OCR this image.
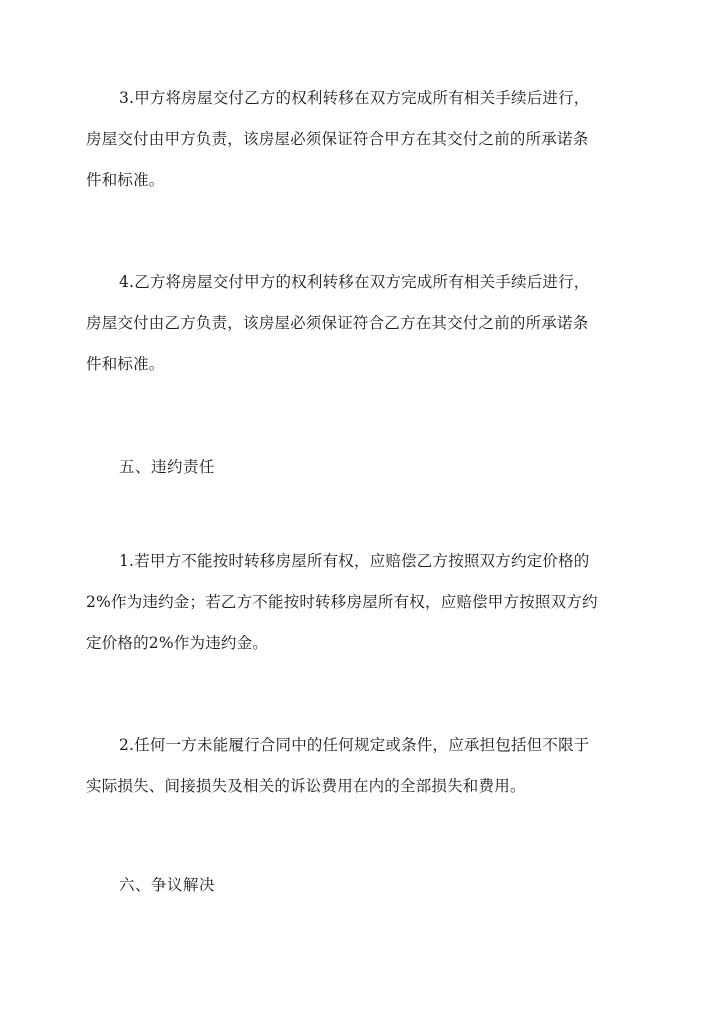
3.甲方将房屋交付乙方的权利转移在双方完成所有相关手续后进行，
房屋交付由甲方负责，该房屋必须保证符合甲方在其交付之前的所承诺条
件和标准。
4.乙方将房屋交付甲方的权利转移在双方完成所有相关手续后进行，
房屋交付由乙方负责，该房屋必须保证符合乙方在其交付之前的所承诺条
件和标准。
五、违约责任
1.若甲方不能按时转移房屋所有权，应赔偿乙方按照双方约定价格的
2%作为违约金；若乙方不能按时转移房屋所有权，应赔偿甲方按照双方约
定价格的2%作为违约金。
2.任何一方未能履行合同中的任何规定或条件，应承担包括但不限于
实际损失、间接损失及相关的诉讼费用在内的全部损失和费用。
六、争议解决
